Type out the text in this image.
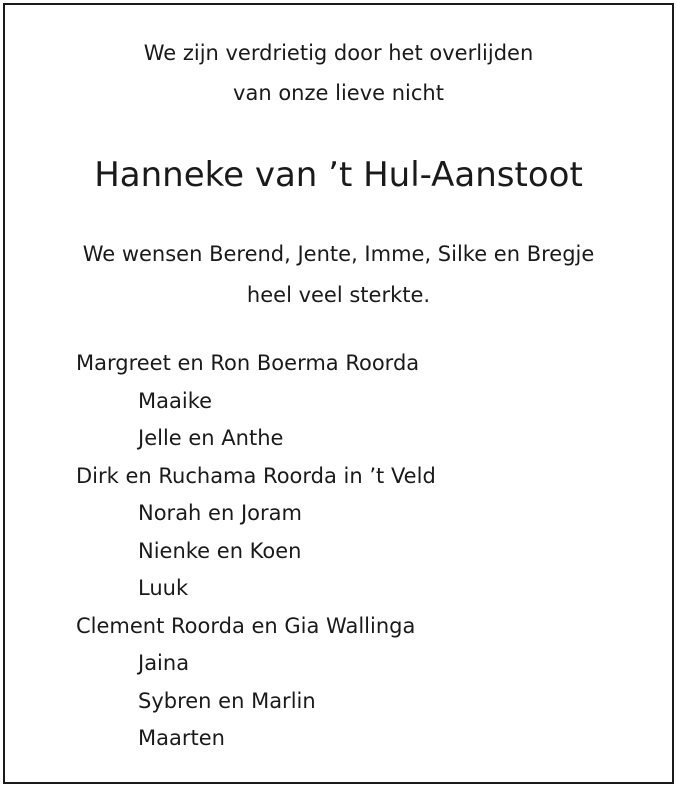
We zijn verdrietig door het overlijden
van onze lieve nicht
Hanneke van ’t Hul-Aanstoot
We wensen Berend, Jente, Imme, Silke en Bregje
heel veel sterkte.
Margreet en Ron Boerma Roorda
Maaike
Jelle en Anthe
Dirk en Ruchama Roorda in ’t Veld
Norah en Joram
Nienke en Koen
Luuk
Clement Roorda en Gia Wallinga
Jaina
Sybren en Marlin
Maarten
